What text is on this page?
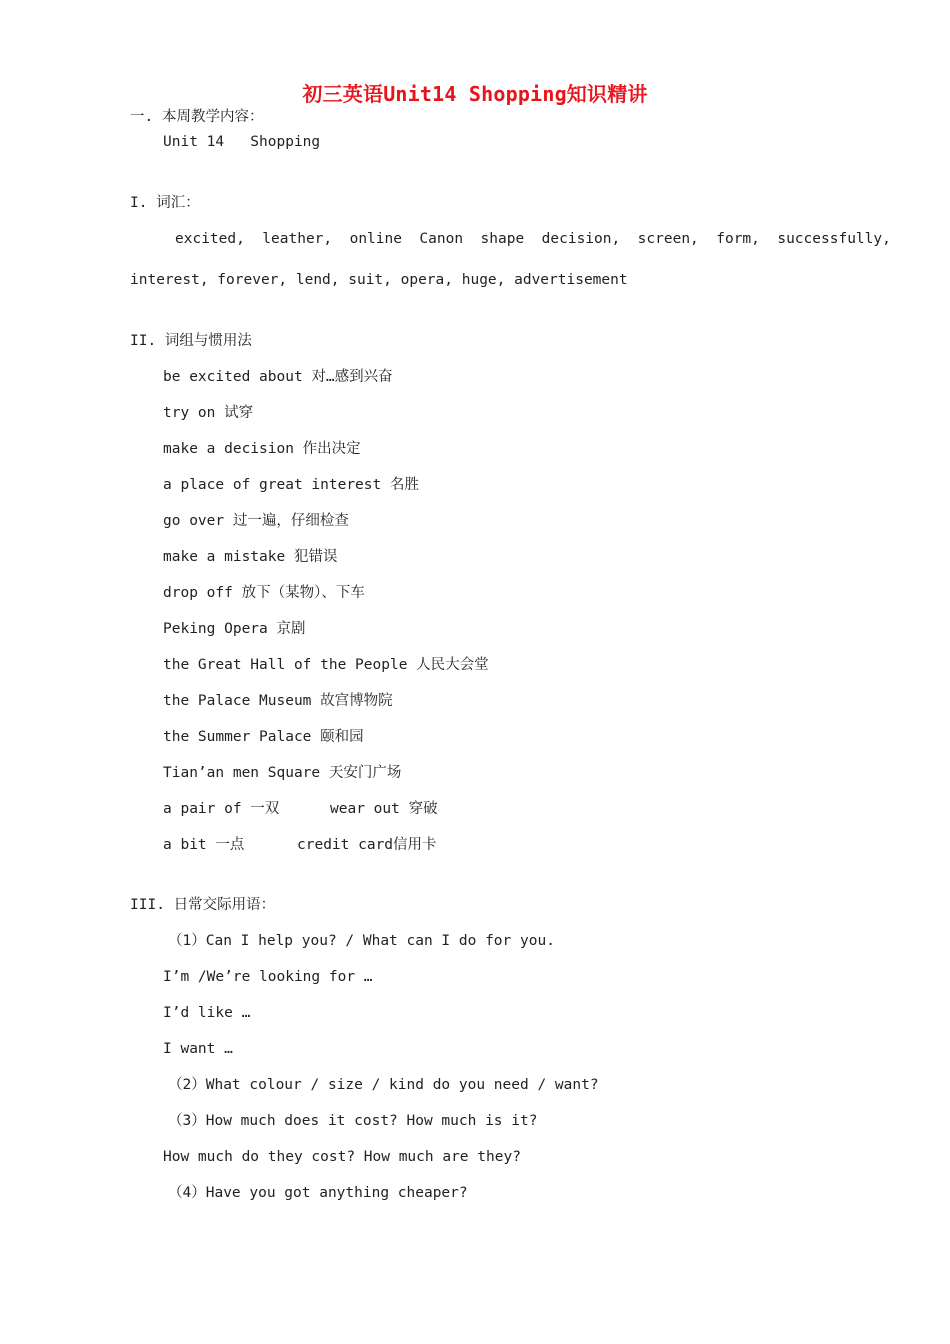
初三英语Unit14 Shopping知识精讲
一. 本周教学内容：
Unit 14   Shopping
I. 词汇：
excited,  leather,  online  Canon  shape  decision,  screen,  form,  successfully,
interest, forever, lend, suit, opera, huge, advertisement
II. 词组与惯用法
be excited about 对…感到兴奋
try on 试穿
make a decision 作出决定
a place of great interest 名胜
go over 过一遍，仔细检查
make a mistake 犯错误
drop off 放下（某物）、下车
Peking Opera 京剧
the Great Hall of the People 人民大会堂
the Palace Museum 故宫博物院
the Summer Palace 颐和园
Tian’an men Square 天安门广场
a pair of 一双	wear out 穿破
a bit 一点	credit card信用卡
III. 日常交际用语：
（1）Can I help you? / What can I do for you.
I’m /We’re looking for …
I’d like …
I want …
（2）What colour / size / kind do you need / want?
（3）How much does it cost? How much is it?
How much do they cost? How much are they?
（4）Have you got anything cheaper?
